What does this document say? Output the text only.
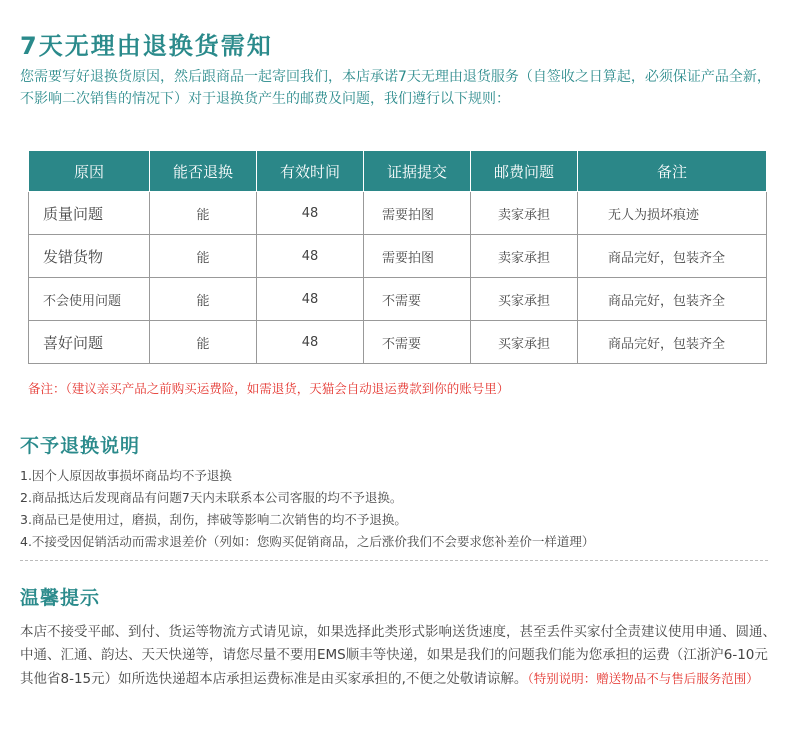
7天无理由退换货需知
您需要写好退换货原因，然后跟商品一起寄回我们，本店承诺7天无理由退货服务（自签收之日算起，必须保证产品全新，不影响二次销售的情况下）对于退换货产生的邮费及问题，我们遵行以下规则：
原因	能否退换	有效时间	证据提交	邮费问题	备注
质量问题	能	48	需要拍图	卖家承担	无人为损坏痕迹
发错货物	能	48	需要拍图	卖家承担	商品完好，包装齐全
不会使用问题	能	48	不需要	买家承担	商品完好，包装齐全
喜好问题	能	48	不需要	买家承担	商品完好，包装齐全
备注：（建议亲买产品之前购买运费险，如需退货，天猫会自动退运费款到你的账号里）
不予退换说明
1.因个人原因故事损坏商品均不予退换
2.商品抵达后发现商品有问题7天内未联系本公司客服的均不予退换。
3.商品已是使用过，磨损，刮伤，摔破等影响二次销售的均不予退换。
4.不接受因促销活动而需求退差价（列如：您购买促销商品，之后涨价我们不会要求您补差价一样道理）
温馨提示
本店不接受平邮、到付、货运等物流方式请见谅，如果选择此类形式影响送货速度，甚至丢件买家付全责建议使用申通、圆通、中通、汇通、韵达、天天快递等，请您尽量不要用EMS顺丰等快递，如果是我们的问题我们能为您承担的运费（江浙沪6-10元 其他省8-15元）如所选快递超本店承担运费标准是由买家承担的,不便之处敬请谅解。（特别说明：赠送物品不与售后服务范围）
